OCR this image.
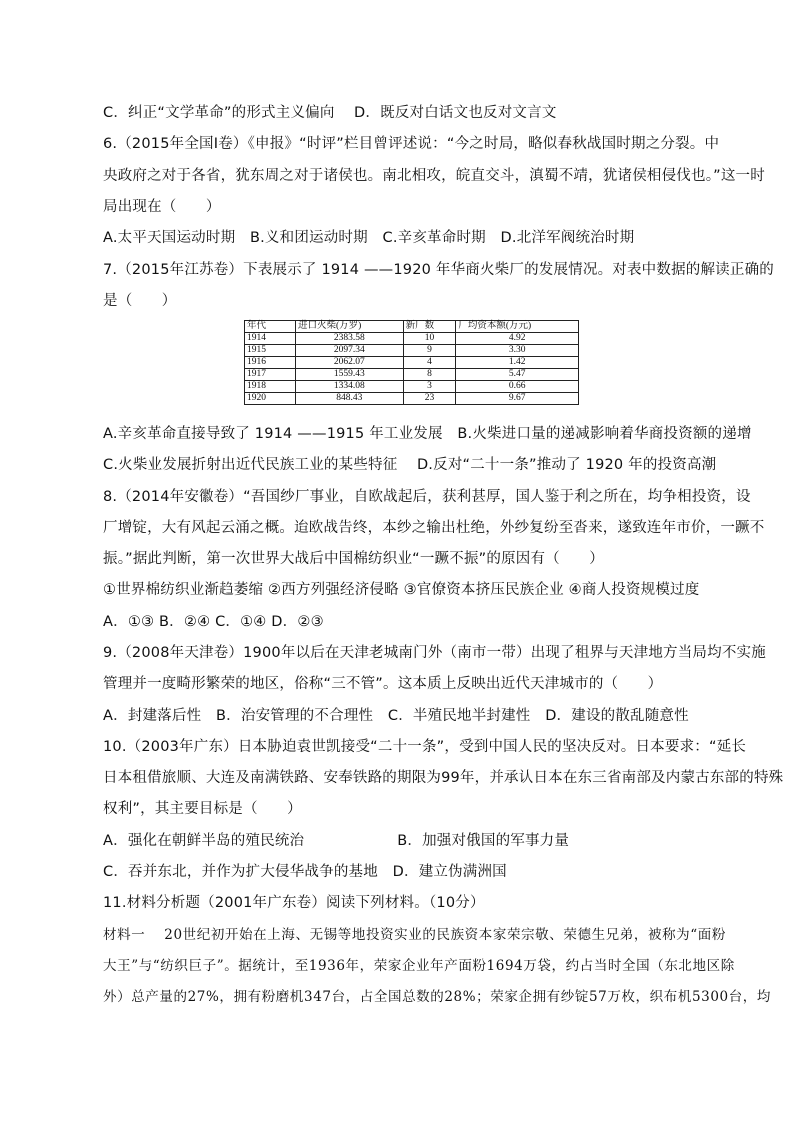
C．纠正“文学革命”的形式主义偏向　 D．既反对白话文也反对文言文
6.（2015年全国Ⅰ卷）《申报》“时评”栏目曾评述说：“今之时局，略似春秋战国时期之分裂。中
央政府之对于各省，犹东周之对于诸侯也。南北相攻，皖直交斗，滇蜀不靖，犹诸侯相侵伐也。”这一时
局出现在（　　）
A.太平天国运动时期　B.义和团运动时期　C.辛亥革命时期　D.北洋军阀统治时期
7.（2015年江苏卷）下表展示了 1914 ——1920 年华商火柴厂的发展情况。对表中数据的解读正确的
是（　　）
年代	进口火柴(万罗)	新厂数	厂均资本额(万元)
1914	2383.58	10	4.92
1915	2097.34	9	3.30
1916	2062.07	4	1.42
1917	1559.43	8	5.47
1918	1334.08	3	0.66
1920	848.43	23	9.67
A.辛亥革命直接导致了 1914 ——1915 年工业发展　B.火柴进口量的递减影响着华商投资额的递增
C.火柴业发展折射出近代民族工业的某些特征　 D.反对“二十一条”推动了 1920 年的投资高潮
8.（2014年安徽卷）“吾国纱厂事业，自欧战起后，获利甚厚，国人鉴于利之所在，均争相投资，设
厂增锭，大有风起云涌之概。迨欧战告终，本纱之输出杜绝，外纱复纷至沓来，遂致连年市价，一蹶不
振。”据此判断，第一次世界大战后中国棉纺织业“一蹶不振”的原因有（　　）
①世界棉纺织业渐趋萎缩 ②西方列强经济侵略 ③官僚资本挤压民族企业 ④商人投资规模过度
A．①③ B．②④ C．①④ D．②③
9.（2008年天津卷）1900年以后在天津老城南门外（南市一带）出现了租界与天津地方当局均不实施
管理并一度畸形繁荣的地区，俗称“三不管”。这本质上反映出近代天津城市的（　　）
A．封建落后性　B．治安管理的不合理性　C．半殖民地半封建性　D．建设的散乱随意性
10.（2003年广东）日本胁迫袁世凯接受“二十一条”，受到中国人民的坚决反对。日本要求：“延长
日本租借旅顺、大连及南满铁路、安奉铁路的期限为99年，并承认日本在东三省南部及内蒙古东部的特殊
权利”，其主要目标是（　　）
A．强化在朝鲜半岛的殖民统治　　　　　　 B．加强对俄国的军事力量
C．吞并东北，并作为扩大侵华战争的基地　D．建立伪满洲国
11.材料分析题（2001年广东卷）阅读下列材料。（10分）
材料一　 20世纪初开始在上海、无锡等地投资实业的民族资本家荣宗敬、荣德生兄弟，被称为“面粉
大王”与“纺织巨子”。据统计，至1936年，荣家企业年产面粉1694万袋，约占当时全国（东北地区除
外）总产量的27%，拥有粉磨机347台，占全国总数的28%；荣家企拥有纱锭57万枚，织布机5300台，均
